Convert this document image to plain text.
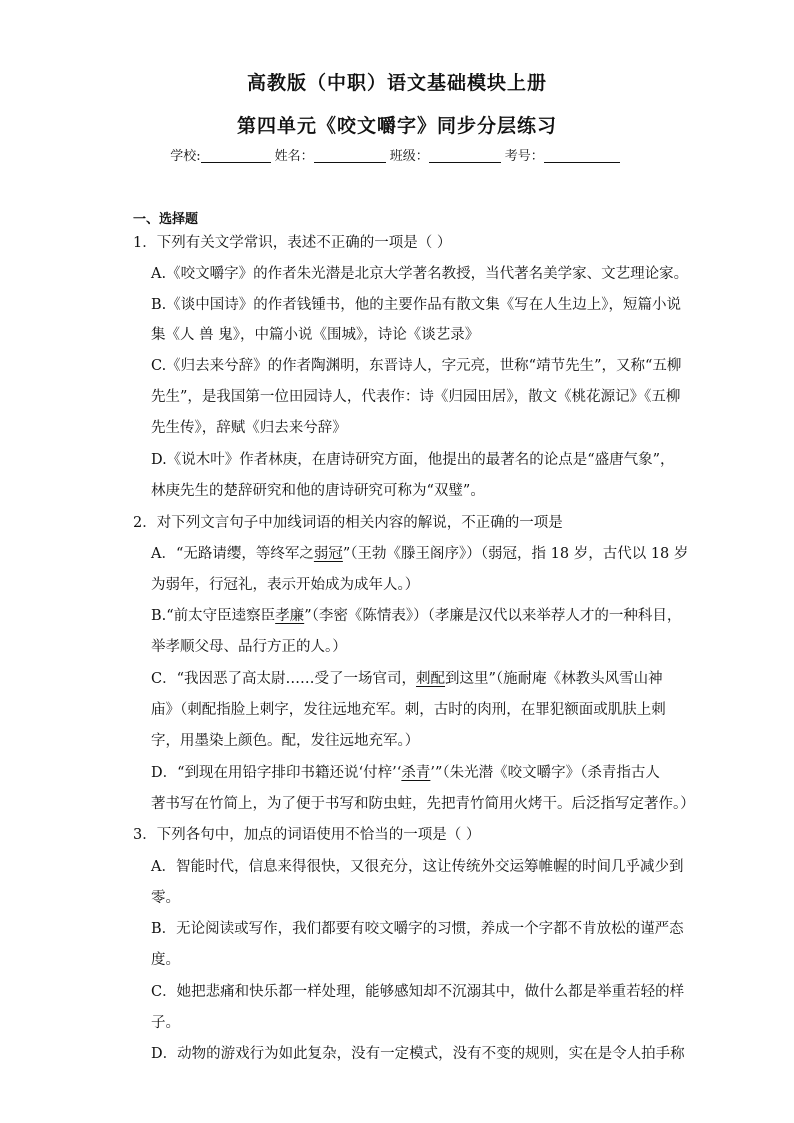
高教版（中职）语文基础模块上册
第四单元《咬文嚼字》同步分层练习
学校:	姓名：	班级：	考号：
一、选择题
1．下列有关文学常识，表述不正确的一项是（ ）
A.《咬文嚼字》的作者朱光潜是北京大学著名教授，当代著名美学家、文艺理论家。
B.《谈中国诗》的作者钱锺书，他的主要作品有散文集《写在人生边上》，短篇小说
集《人 兽 鬼》，中篇小说《围城》，诗论《谈艺录》
C.《归去来兮辞》的作者陶渊明，东晋诗人，字元亮，世称“靖节先生”，又称“五柳
先生”，是我国第一位田园诗人，代表作：诗《归园田居》，散文《桃花源记》《五柳
先生传》，辞赋《归去来兮辞》
D.《说木叶》作者林庚，在唐诗研究方面，他提出的最著名的论点是“盛唐气象”，
林庚先生的楚辞研究和他的唐诗研究可称为“双璧”。
2．对下列文言句子中加线词语的相关内容的解说，不正确的一项是
A．“无路请缨，等终军之弱冠”（王勃《滕王阁序》）（弱冠，指 18 岁，古代以 18 岁
为弱年，行冠礼，表示开始成为成年人。）
B.“前太守臣逵察臣孝廉”（李密《陈情表》）（孝廉是汉代以来举荐人才的一种科目，
举孝顺父母、品行方正的人。）
C．“我因恶了高太尉……受了一场官司，刺配到这里”（施耐庵《林教头风雪山神
庙》（刺配指脸上刺字，发往远地充军。刺，古时的肉刑，在罪犯额面或肌肤上刺
字，用墨染上颜色。配，发往远地充军。）
D．“到现在用铅字排印书籍还说‘付梓’‘杀青’”（朱光潜《咬文嚼字》（杀青指古人
著书写在竹简上，为了便于书写和防虫蛀，先把青竹简用火烤干。后泛指写定著作。）
3．下列各句中，加点的词语使用不恰当的一项是（ ）
A．智能时代，信息来得很快，又很充分，这让传统外交运筹帷幄的时间几乎减少到
零。
B．无论阅读或写作，我们都要有咬文嚼字的习惯，养成一个字都不肯放松的谨严态
度。
C．她把悲痛和快乐都一样处理，能够感知却不沉溺其中，做什么都是举重若轻的样
子。
D．动物的游戏行为如此复杂，没有一定模式，没有不变的规则，实在是令人拍手称
